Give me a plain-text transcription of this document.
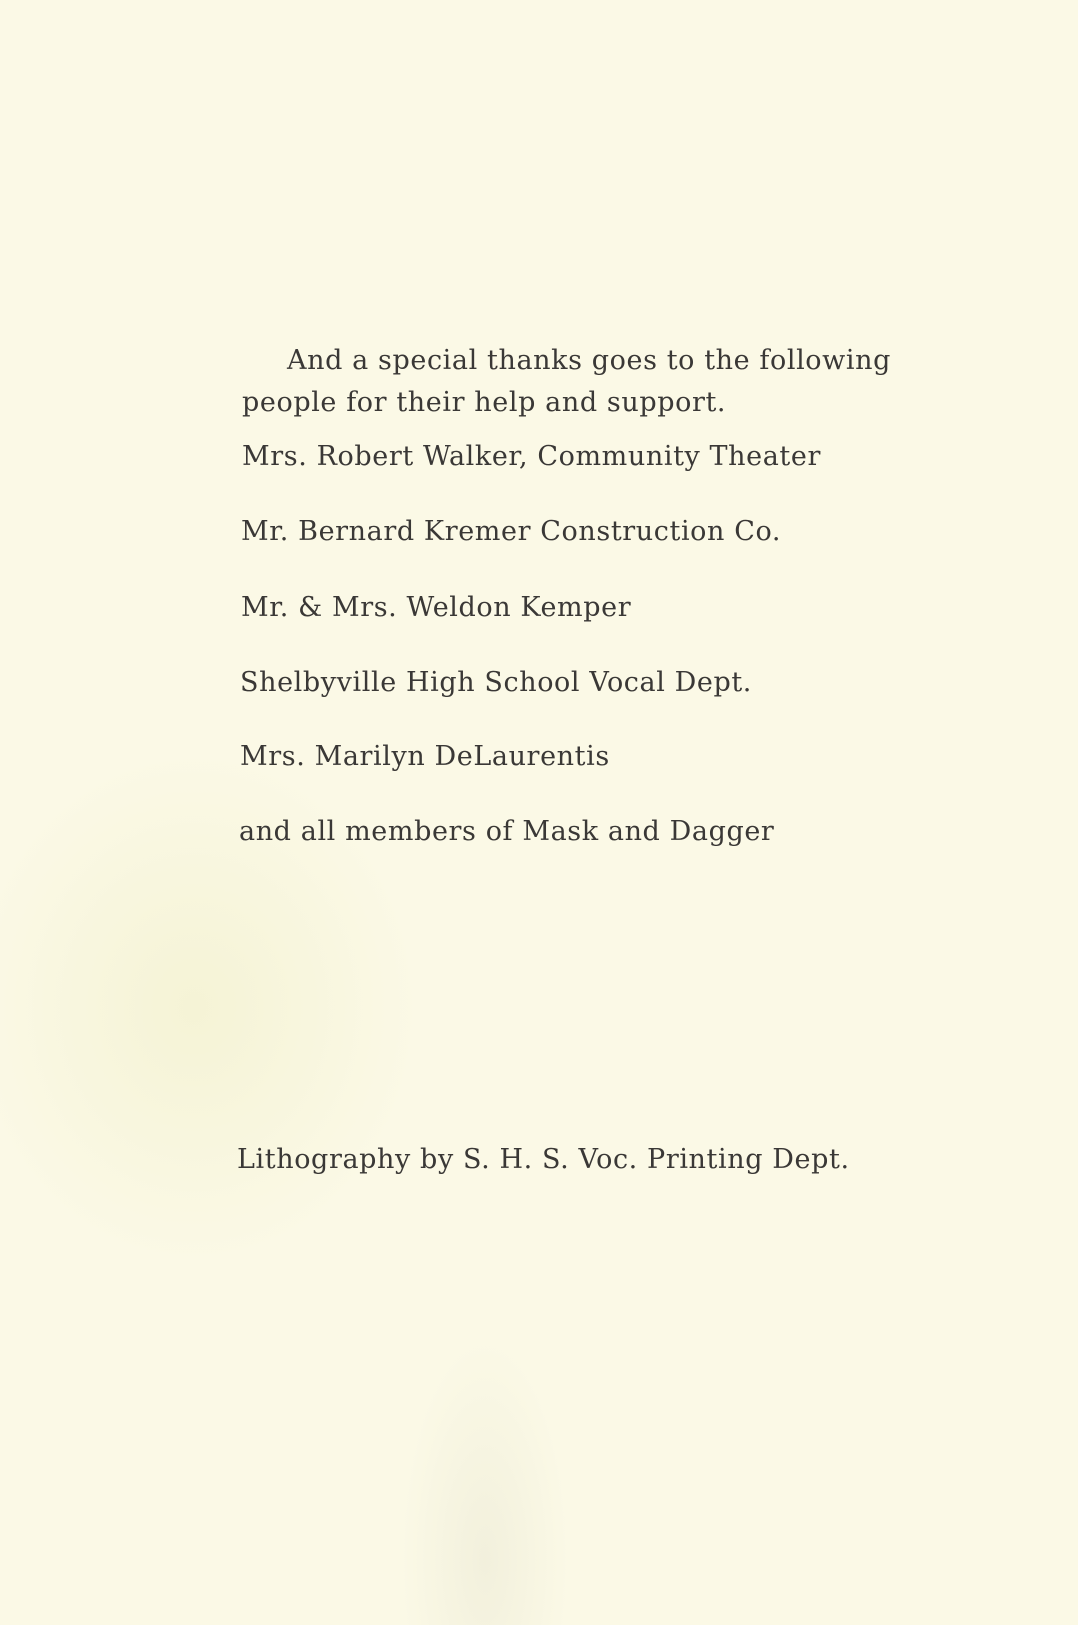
And a special thanks goes to the following
people for their help and support.
Mrs. Robert Walker, Community Theater
Mr. Bernard Kremer Construction Co.
Mr. & Mrs. Weldon Kemper
Shelbyville High School Vocal Dept.
Mrs. Marilyn DeLaurentis
and all members of Mask and Dagger
Lithography by S. H. S. Voc. Printing Dept.
